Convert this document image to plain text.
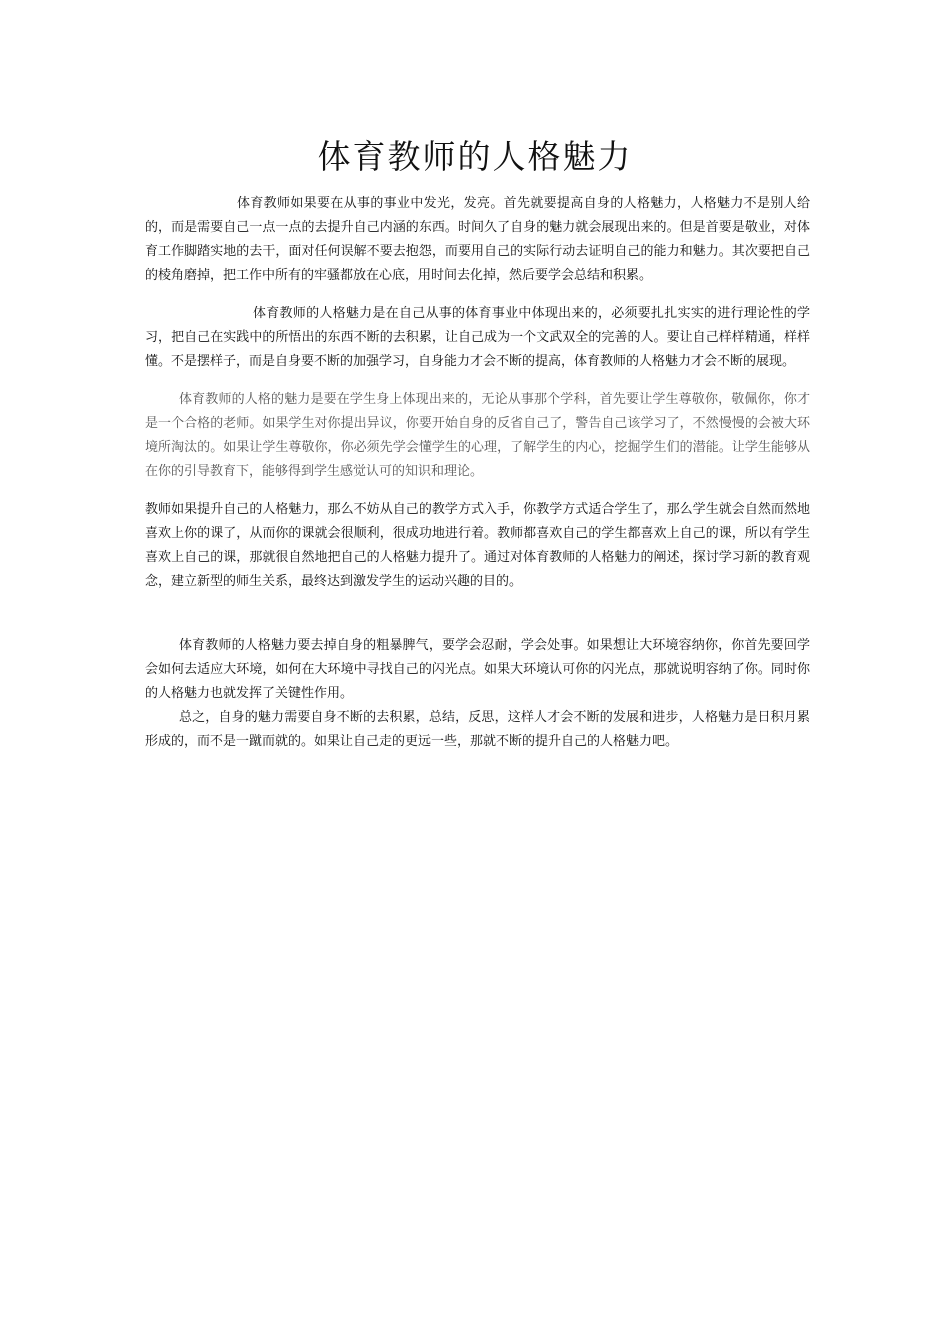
体育教师的人格魅力

体育教师如果要在从事的事业中发光，发亮。首先就要提高自身的人格魅力，人格魅力不是别人给的，而是需要自己一点一点的去提升自己内涵的东西。时间久了自身的魅力就会展现出来的。但是首要是敬业，对体育工作脚踏实地的去干，面对任何误解不要去抱怨，而要用自己的实际行动去证明自己的能力和魅力。其次要把自己的棱角磨掉，把工作中所有的牢骚都放在心底，用时间去化掉，然后要学会总结和积累。

体育教师的人格魅力是在自己从事的体育事业中体现出来的，必须要扎扎实实的进行理论性的学习，把自己在实践中的所悟出的东西不断的去积累，让自己成为一个文武双全的完善的人。要让自己样样精通，样样懂。不是摆样子，而是自身要不断的加强学习，自身能力才会不断的提高，体育教师的人格魅力才会不断的展现。

体育教师的人格的魅力是要在学生身上体现出来的，无论从事那个学科，首先要让学生尊敬你，敬佩你，你才是一个合格的老师。如果学生对你提出异议，你要开始自身的反省自己了，警告自己该学习了，不然慢慢的会被大环境所淘汰的。如果让学生尊敬你，你必须先学会懂学生的心理，了解学生的内心，挖掘学生们的潜能。让学生能够从在你的引导教育下，能够得到学生感觉认可的知识和理论。

教师如果提升自己的人格魅力，那么不妨从自己的教学方式入手，你教学方式适合学生了，那么学生就会自然而然地喜欢上你的课了，从而你的课就会很顺利，很成功地进行着。教师都喜欢自己的学生都喜欢上自己的课，所以有学生喜欢上自己的课，那就很自然地把自己的人格魅力提升了。通过对体育教师的人格魅力的阐述，探讨学习新的教育观念，建立新型的师生关系，最终达到激发学生的运动兴趣的目的。

体育教师的人格魅力要去掉自身的粗暴脾气，要学会忍耐，学会处事。如果想让大环境容纳你，你首先要回学会如何去适应大环境，如何在大环境中寻找自己的闪光点。如果大环境认可你的闪光点，那就说明容纳了你。同时你的人格魅力也就发挥了关键性作用。

总之，自身的魅力需要自身不断的去积累，总结，反思，这样人才会不断的发展和进步，人格魅力是日积月累形成的，而不是一蹴而就的。如果让自己走的更远一些，那就不断的提升自己的人格魅力吧。
